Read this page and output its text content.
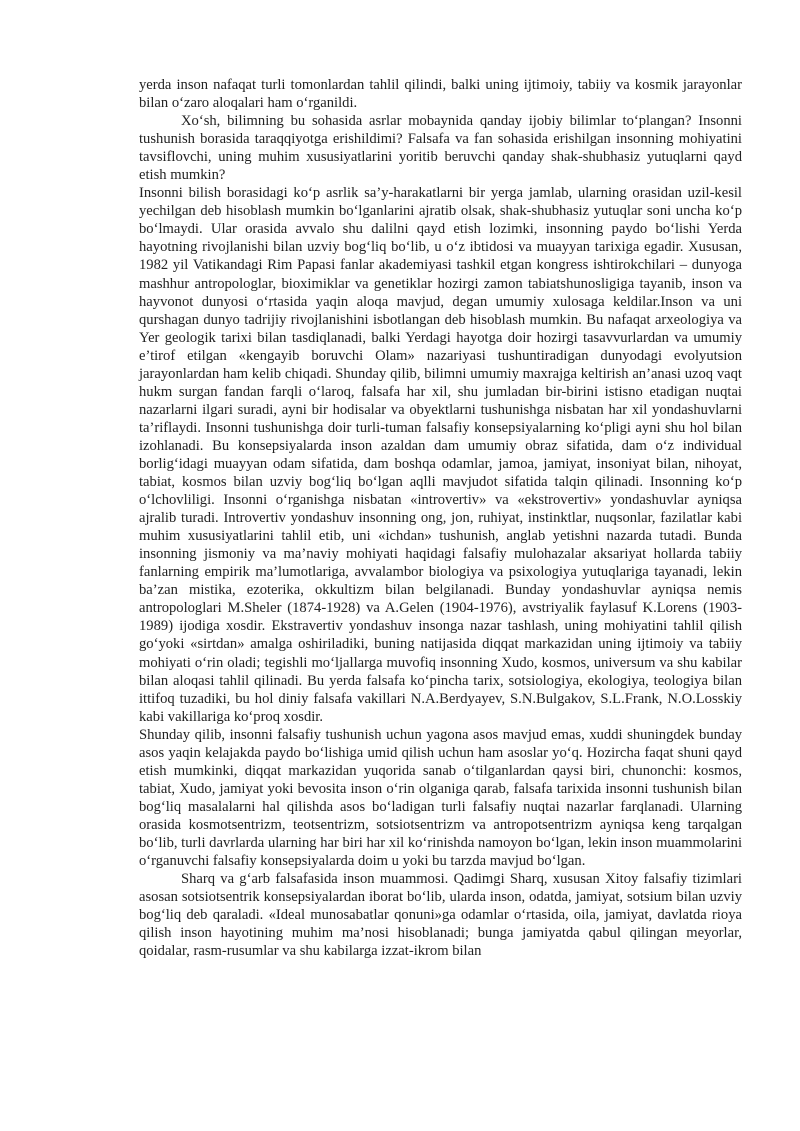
yerda inson nafaqat turli tomonlardan tahlil qilindi, balki uning ijtimoiy, tabiiy va kosmik jarayonlar bilan o‘zaro aloqalari ham o‘rganildi.

Xo‘sh, bilimning bu sohasida asrlar mobaynida qanday ijobiy bilimlar to‘plangan? Insonni tushunish borasida taraqqiyotga erishildimi? Falsafa va fan sohasida erishilgan insonning mohiyatini tavsiflovchi, uning muhim xususiyatlarini yoritib beruvchi qanday shak-shubhasiz yutuqlarni qayd etish mumkin?

Insonni bilish borasidagi ko‘p asrlik sa’y-harakatlarni bir yerga jamlab, ularning orasidan uzil-kesil yechilgan deb hisoblash mumkin bo‘lganlarini ajratib olsak, shak-shubhasiz yutuqlar soni uncha ko‘p bo‘lmaydi. Ular orasida avvalo shu dalilni qayd etish lozimki, insonning paydo bo‘lishi Yerda hayotning rivojlanishi bilan uzviy bog‘liq bo‘lib, u o‘z ibtidosi va muayyan tarixiga egadir. Xususan, 1982 yil Vatikandagi Rim Papasi fanlar akademiyasi tashkil etgan kongress ishtirokchilari – dunyoga mashhur antropologlar, bioximiklar va genetiklar hozirgi zamon tabiatshunosligiga tayanib, inson va hayvonot dunyosi o‘rtasida yaqin aloqa mavjud, degan umumiy xulosaga keldilar.Inson va uni qurshagan dunyo tadrijiy rivojlanishini isbotlangan deb hisoblash mumkin. Bu nafaqat arxeologiya va Yer geologik tarixi bilan tasdiqlanadi, balki Yerdagi hayotga doir hozirgi tasavvurlardan va umumiy e’tirof etilgan «kengayib boruvchi Olam» nazariyasi tushuntiradigan dunyodagi evolyutsion jarayonlardan ham kelib chiqadi. Shunday qilib, bilimni umumiy maxrajga keltirish an’anasi uzoq vaqt hukm surgan fandan farqli o‘laroq, falsafa har xil, shu jumladan bir-birini istisno etadigan nuqtai nazarlarni ilgari suradi, ayni bir hodisalar va obyektlarni tushunishga nisbatan har xil yondashuvlarni ta’riflaydi. Insonni tushunishga doir turli-tuman falsafiy konsepsiyalarning ko‘pligi ayni shu hol bilan izohlanadi. Bu konsepsiyalarda inson azaldan dam umumiy obraz sifatida, dam o‘z individual borlig‘idagi muayyan odam sifatida, dam boshqa odamlar, jamoa, jamiyat, insoniyat bilan, nihoyat, tabiat, kosmos bilan uzviy bog‘liq bo‘lgan aqlli mavjudot sifatida talqin qilinadi. Insonning ko‘p o‘lchovliligi. Insonni o‘rganishga nisbatan «introvertiv» va «ekstrovertiv» yondashuvlar ayniqsa ajralib turadi. Introvertiv yondashuv insonning ong, jon, ruhiyat, instinktlar, nuqsonlar, fazilatlar kabi muhim xususiyatlarini tahlil etib, uni «ichdan» tushunish, anglab yetishni nazarda tutadi. Bunda insonning jismoniy va ma’naviy mohiyati haqidagi falsafiy mulohazalar aksariyat hollarda tabiiy fanlarning empirik ma’lumotlariga, avvalambor biologiya va psixologiya yutuqlariga tayanadi, lekin ba’zan mistika, ezoterika, okkultizm bilan belgilanadi. Bunday yondashuvlar ayniqsa nemis antropologlari M.Sheler (1874-1928) va A.Gelen (1904-1976), avstriyalik faylasuf K.Lorens (1903-1989) ijodiga xosdir. Ekstravertiv yondashuv insonga nazar tashlash, uning mohiyatini tahlil qilish go‘yoki «sirtdan» amalga oshiriladiki, buning natijasida diqqat markazidan uning ijtimoiy va tabiiy mohiyati o‘rin oladi; tegishli mo‘ljallarga muvofiq insonning Xudo, kosmos, universum va shu kabilar bilan aloqasi tahlil qilinadi. Bu yerda falsafa ko‘pincha tarix, sotsiologiya, ekologiya, teologiya bilan ittifoq tuzadiki, bu hol diniy falsafa vakillari N.A.Berdyayev, S.N.Bulgakov, S.L.Frank, N.O.Losskiy kabi vakillariga ko‘proq xosdir.

Shunday qilib, insonni falsafiy tushunish uchun yagona asos mavjud emas, xuddi shuningdek bunday asos yaqin kelajakda paydo bo‘lishiga umid qilish uchun ham asoslar yo‘q. Hozircha faqat shuni qayd etish mumkinki, diqqat markazidan yuqorida sanab o‘tilganlardan qaysi biri, chunonchi: kosmos, tabiat, Xudo, jamiyat yoki bevosita inson o‘rin olganiga qarab, falsafa tarixida insonni tushunish bilan bog‘liq masalalarni hal qilishda asos bo‘ladigan turli falsafiy nuqtai nazarlar farqlanadi. Ularning orasida kosmotsentrizm, teotsentrizm, sotsiotsentrizm va antropotsentrizm ayniqsa keng tarqalgan bo‘lib, turli davrlarda ularning har biri har xil ko‘rinishda namoyon bo‘lgan, lekin inson muammolarini o‘rganuvchi falsafiy konsepsiyalarda doim u yoki bu tarzda mavjud bo‘lgan.

Sharq va g‘arb falsafasida inson muammosi. Qadimgi Sharq, xususan Xitoy falsafiy tizimlari asosan sotsiotsentrik konsepsiyalardan iborat bo‘lib, ularda inson, odatda, jamiyat, sotsium bilan uzviy bog‘liq deb qaraladi. «Ideal munosabatlar qonuni»ga odamlar o‘rtasida, oila, jamiyat, davlatda rioya qilish inson hayotining muhim ma’nosi hisoblanadi; bunga jamiyatda qabul qilingan meyorlar, qoidalar, rasm-rusumlar va shu kabilarga izzat-ikrom bilan
